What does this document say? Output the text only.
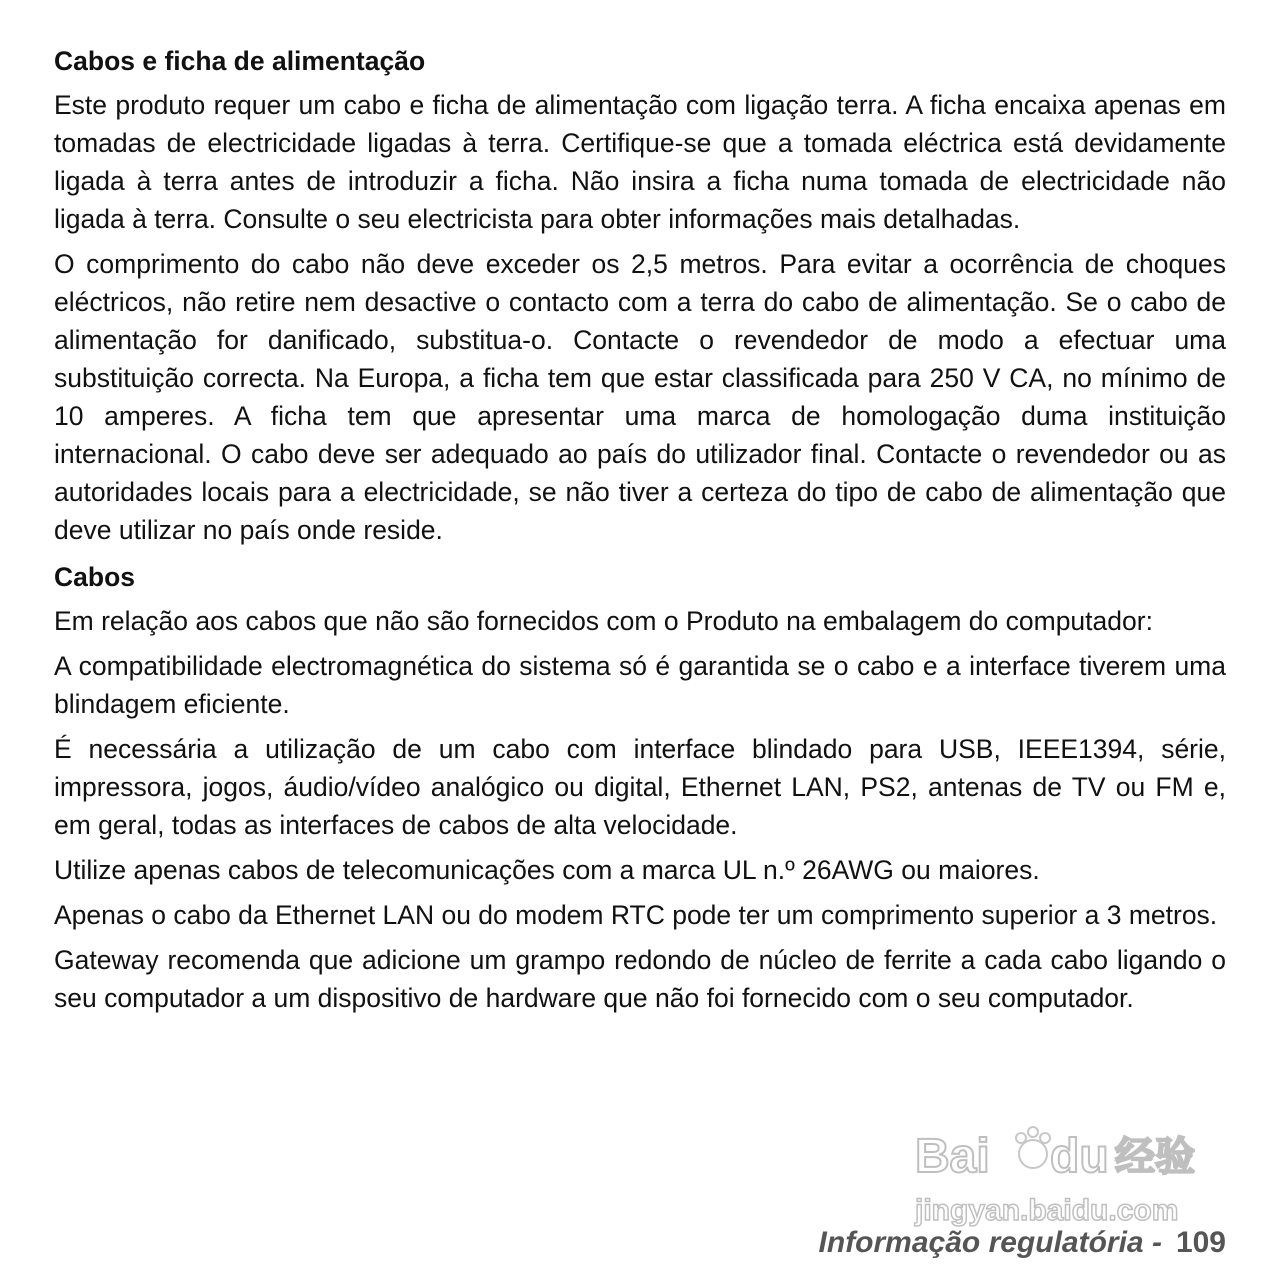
Cabos e ficha de alimentação
Este produto requer um cabo e ficha de alimentação com ligação terra. A ficha encaixa apenas em tomadas de electricidade ligadas à terra. Certifique-se que a tomada eléctrica está devidamente ligada à terra antes de introduzir a ficha. Não insira a ficha numa tomada de electricidade não ligada à terra. Consulte o seu electricista para obter informações mais detalhadas.
O comprimento do cabo não deve exceder os 2,5 metros. Para evitar a ocorrência de choques eléctricos, não retire nem desactive o contacto com a terra do cabo de alimentação. Se o cabo de alimentação for danificado, substitua-o. Contacte o revendedor de modo a efectuar uma substituição correcta. Na Europa, a ficha tem que estar classificada para 250 V CA, no mínimo de 10 amperes. A ficha tem que apresentar uma marca de homologação duma instituição internacional. O cabo deve ser adequado ao país do utilizador final. Contacte o revendedor ou as autoridades locais para a electricidade, se não tiver a certeza do tipo de cabo de alimentação que deve utilizar no país onde reside.
Cabos
Em relação aos cabos que não são fornecidos com o Produto na embalagem do computador:
A compatibilidade electromagnética do sistema só é garantida se o cabo e a interface tiverem uma blindagem eficiente.
É necessária a utilização de um cabo com interface blindado para USB, IEEE1394, série, impressora, jogos, áudio/vídeo analógico ou digital, Ethernet LAN, PS2, antenas de TV ou FM e, em geral, todas as interfaces de cabos de alta velocidade.
Utilize apenas cabos de telecomunicações com a marca UL n.º 26AWG ou maiores.
Apenas o cabo da Ethernet LAN ou do modem RTC pode ter um comprimento superior a 3 metros.
Gateway recomenda que adicione um grampo redondo de núcleo de ferrite a cada cabo ligando o seu computador a um dispositivo de hardware que não foi fornecido com o seu computador.
Bai du 经验
jingyan.baidu.com
Informação regulatória - 109
